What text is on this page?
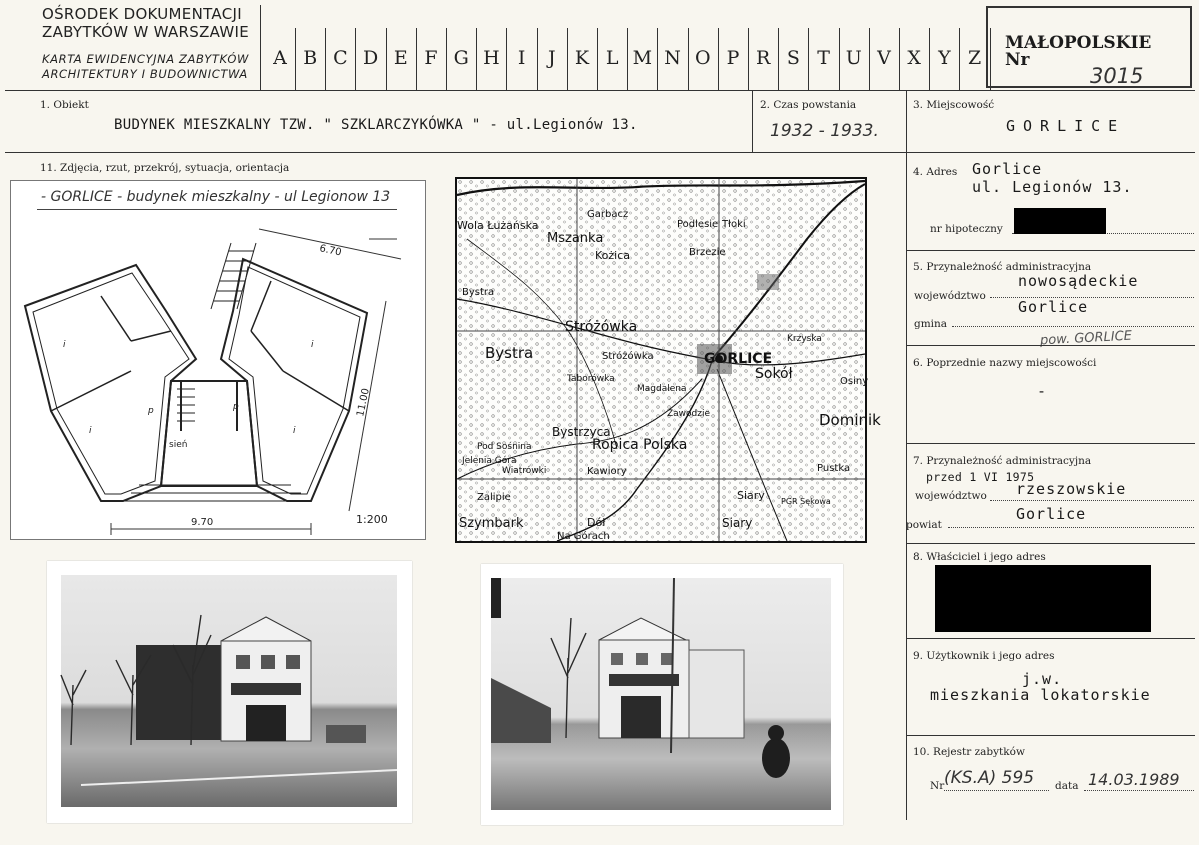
OŚRODEK DOKUMENTACJI
ZABYTKÓW W WARSZAWIE
KARTA EWIDENCYJNA ZABYTKÓW
ARCHITEKTURY I BUDOWNICTWA
A B C D E F G H I	J	K L M N O P R S T U V X Y Z
MAŁOPOLSKIE
Nr
3015
1. Obiekt
BUDYNEK MIESZKALNY TZW. " SZKLARCZYKÓWKA " - ul.Legionów 13.
2. Czas powstania
1932 - 1933.
3. Miejscowość
GORLICE
11. Zdjęcia, rzut, przekrój, sytuacja, orientacja
- GORLICE - budynek mieszkalny - ul Legionow 13
sień
i
i
p	p
i
i
6.70
11.00
9.70	1:200
Mszanka
Garbacz
Podlesie Tłoki
Wola Łużańska
Kożica	Brzezie
Bystra
Stróżówka
Krzyska
Bystra	Stróżówka	GORLICE
Sokół	Osiny
Taborówka
Magdalena
Zawodzie	Dominik
Bystrzyca
Ropica Polska
Pod Sośnina
Jelenia Góra
Wiatrówki	Kawiory	Pustka
Zalipie	Siary PGR Sękowa
Szymbark	Dół
Na Górach
Siary
4. Adres Gorlice
ul. Legionów 13.
nr hipoteczny
5. Przynależność administracyjna
województwo
nowosądeckie
gmina
Gorlice
pow. GORLICE
6. Poprzednie nazwy miejscowości
-
7. Przynależność administracyjna
przed 1 VI 1975
województwo rzeszowskie
powiat
Gorlice
8. Właściciel i jego adres
9. Użytkownik i jego adres
j.w.
mieszkania lokatorskie
10. Rejestr zabytków
Nr (KS.A) 595 data 14.03.1989
